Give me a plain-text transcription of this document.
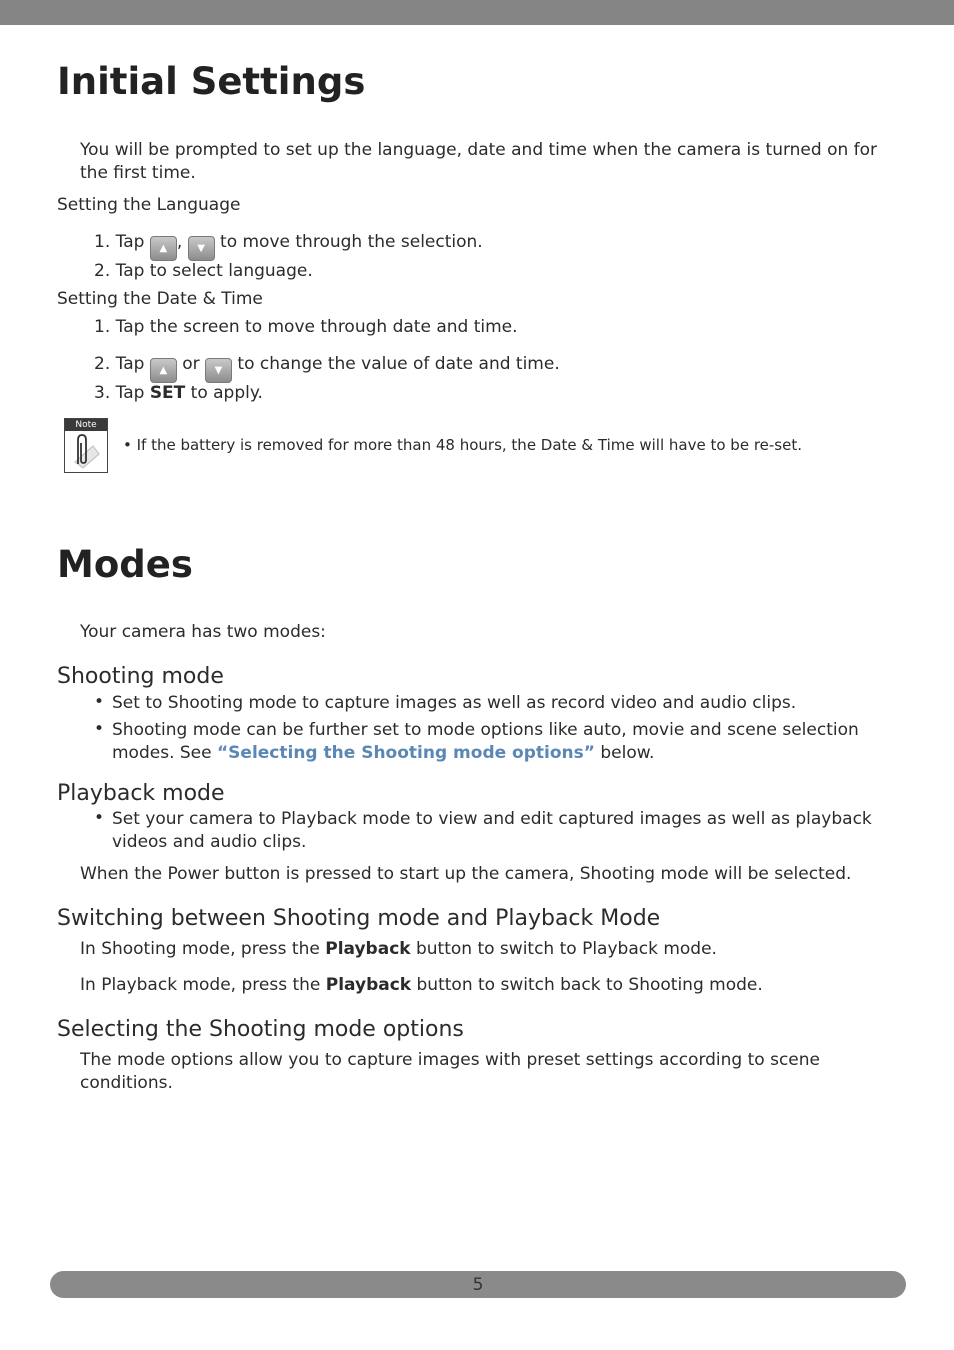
Initial Settings
You will be prompted to set up the language, date and time when the camera is turned on for
the first time.
Setting the Language
1. Tap ▲ , ▼ to move through the selection.
2. Tap to select language.
Setting the Date & Time
1. Tap the screen to move through date and time.
2. Tap ▲ or ▼ to change the value of date and time.
3. Tap SET to apply.
Note
• If the battery is removed for more than 48 hours, the Date & Time will have to be re-set.
Modes
Your camera has two modes:
Shooting mode
• Set to Shooting mode to capture images as well as record video and audio clips.
• Shooting mode can be further set to mode options like auto, movie and scene selection
modes. See “Selecting the Shooting mode options” below.
Playback mode
• Set your camera to Playback mode to view and edit captured images as well as playback
videos and audio clips.
When the Power button is pressed to start up the camera, Shooting mode will be selected.
Switching between Shooting mode and Playback Mode
In Shooting mode, press the Playback button to switch to Playback mode.
In Playback mode, press the Playback button to switch back to Shooting mode.
Selecting the Shooting mode options
The mode options allow you to capture images with preset settings according to scene
conditions.
5
